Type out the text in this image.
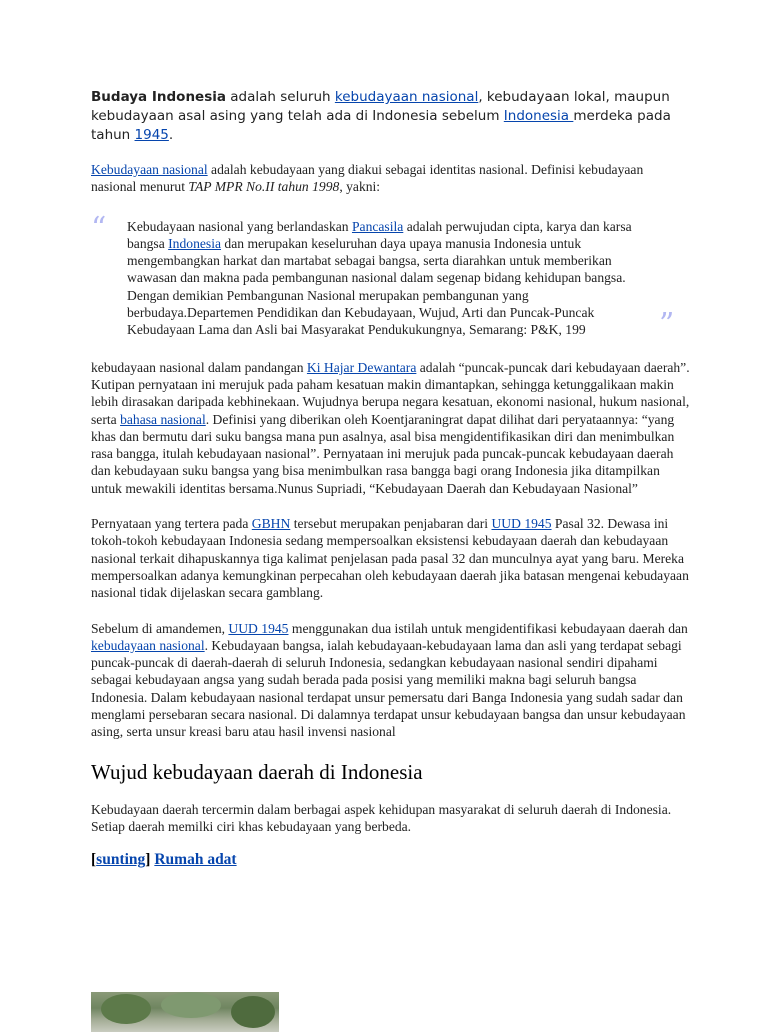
Budaya Indonesia adalah seluruh kebudayaan nasional, kebudayaan lokal, maupun kebudayaan asal asing yang telah ada di Indonesia sebelum Indonesia merdeka pada tahun 1945.

Kebudayaan nasional adalah kebudayaan yang diakui sebagai identitas nasional. Definisi kebudayaan nasional menurut TAP MPR No.II tahun 1998, yakni:

“ Kebudayaan nasional yang berlandaskan Pancasila adalah perwujudan cipta, karya dan karsa bangsa Indonesia dan merupakan keseluruhan daya upaya manusia Indonesia untuk mengembangkan harkat dan martabat sebagai bangsa, serta diarahkan untuk memberikan wawasan dan makna pada pembangunan nasional dalam segenap bidang kehidupan bangsa. Dengan demikian Pembangunan Nasional merupakan pembangunan yang berbudaya.Departemen Pendidikan dan Kebudayaan, Wujud, Arti dan Puncak-Puncak Kebudayaan Lama dan Asli bai Masyarakat Pendukukungnya, Semarang: P&K, 199	”

kebudayaan nasional dalam pandangan Ki Hajar Dewantara adalah “puncak-puncak dari kebudayaan daerah”. Kutipan pernyataan ini merujuk pada paham kesatuan makin dimantapkan, sehingga ketunggalikaan makin lebih dirasakan daripada kebhinekaan. Wujudnya berupa negara kesatuan, ekonomi nasional, hukum nasional, serta bahasa nasional. Definisi yang diberikan oleh Koentjaraningrat dapat dilihat dari peryataannya: “yang khas dan bermutu dari suku bangsa mana pun asalnya, asal bisa mengidentifikasikan diri dan menimbulkan rasa bangga, itulah kebudayaan nasional”. Pernyataan ini merujuk pada puncak-puncak kebudayaan daerah dan kebudayaan suku bangsa yang bisa menimbulkan rasa bangga bagi orang Indonesia jika ditampilkan untuk mewakili identitas bersama.Nunus Supriadi, “Kebudayaan Daerah dan Kebudayaan Nasional”

Pernyataan yang tertera pada GBHN tersebut merupakan penjabaran dari UUD 1945 Pasal 32. Dewasa ini tokoh-tokoh kebudayaan Indonesia sedang mempersoalkan eksistensi kebudayaan daerah dan kebudayaan nasional terkait dihapuskannya tiga kalimat penjelasan pada pasal 32 dan munculnya ayat yang baru. Mereka mempersoalkan adanya kemungkinan perpecahan oleh kebudayaan daerah jika batasan mengenai kebudayaan nasional tidak dijelaskan secara gamblang.

Sebelum di amandemen, UUD 1945 menggunakan dua istilah untuk mengidentifikasi kebudayaan daerah dan kebudayaan nasional. Kebudayaan bangsa, ialah kebudayaan-kebudayaan lama dan asli yang terdapat sebagi puncak-puncak di daerah-daerah di seluruh Indonesia, sedangkan kebudayaan nasional sendiri dipahami sebagai kebudayaan angsa yang sudah berada pada posisi yang memiliki makna bagi seluruh bangsa Indonesia. Dalam kebudayaan nasional terdapat unsur pemersatu dari Banga Indonesia yang sudah sadar dan menglami persebaran secara nasional. Di dalamnya terdapat unsur kebudayaan bangsa dan unsur kebudayaan asing, serta unsur kreasi baru atau hasil invensi nasional

Wujud kebudayaan daerah di Indonesia

Kebudayaan daerah tercermin dalam berbagai aspek kehidupan masyarakat di seluruh daerah di Indonesia. Setiap daerah memilki ciri khas kebudayaan yang berbeda.

[sunting] Rumah adat
